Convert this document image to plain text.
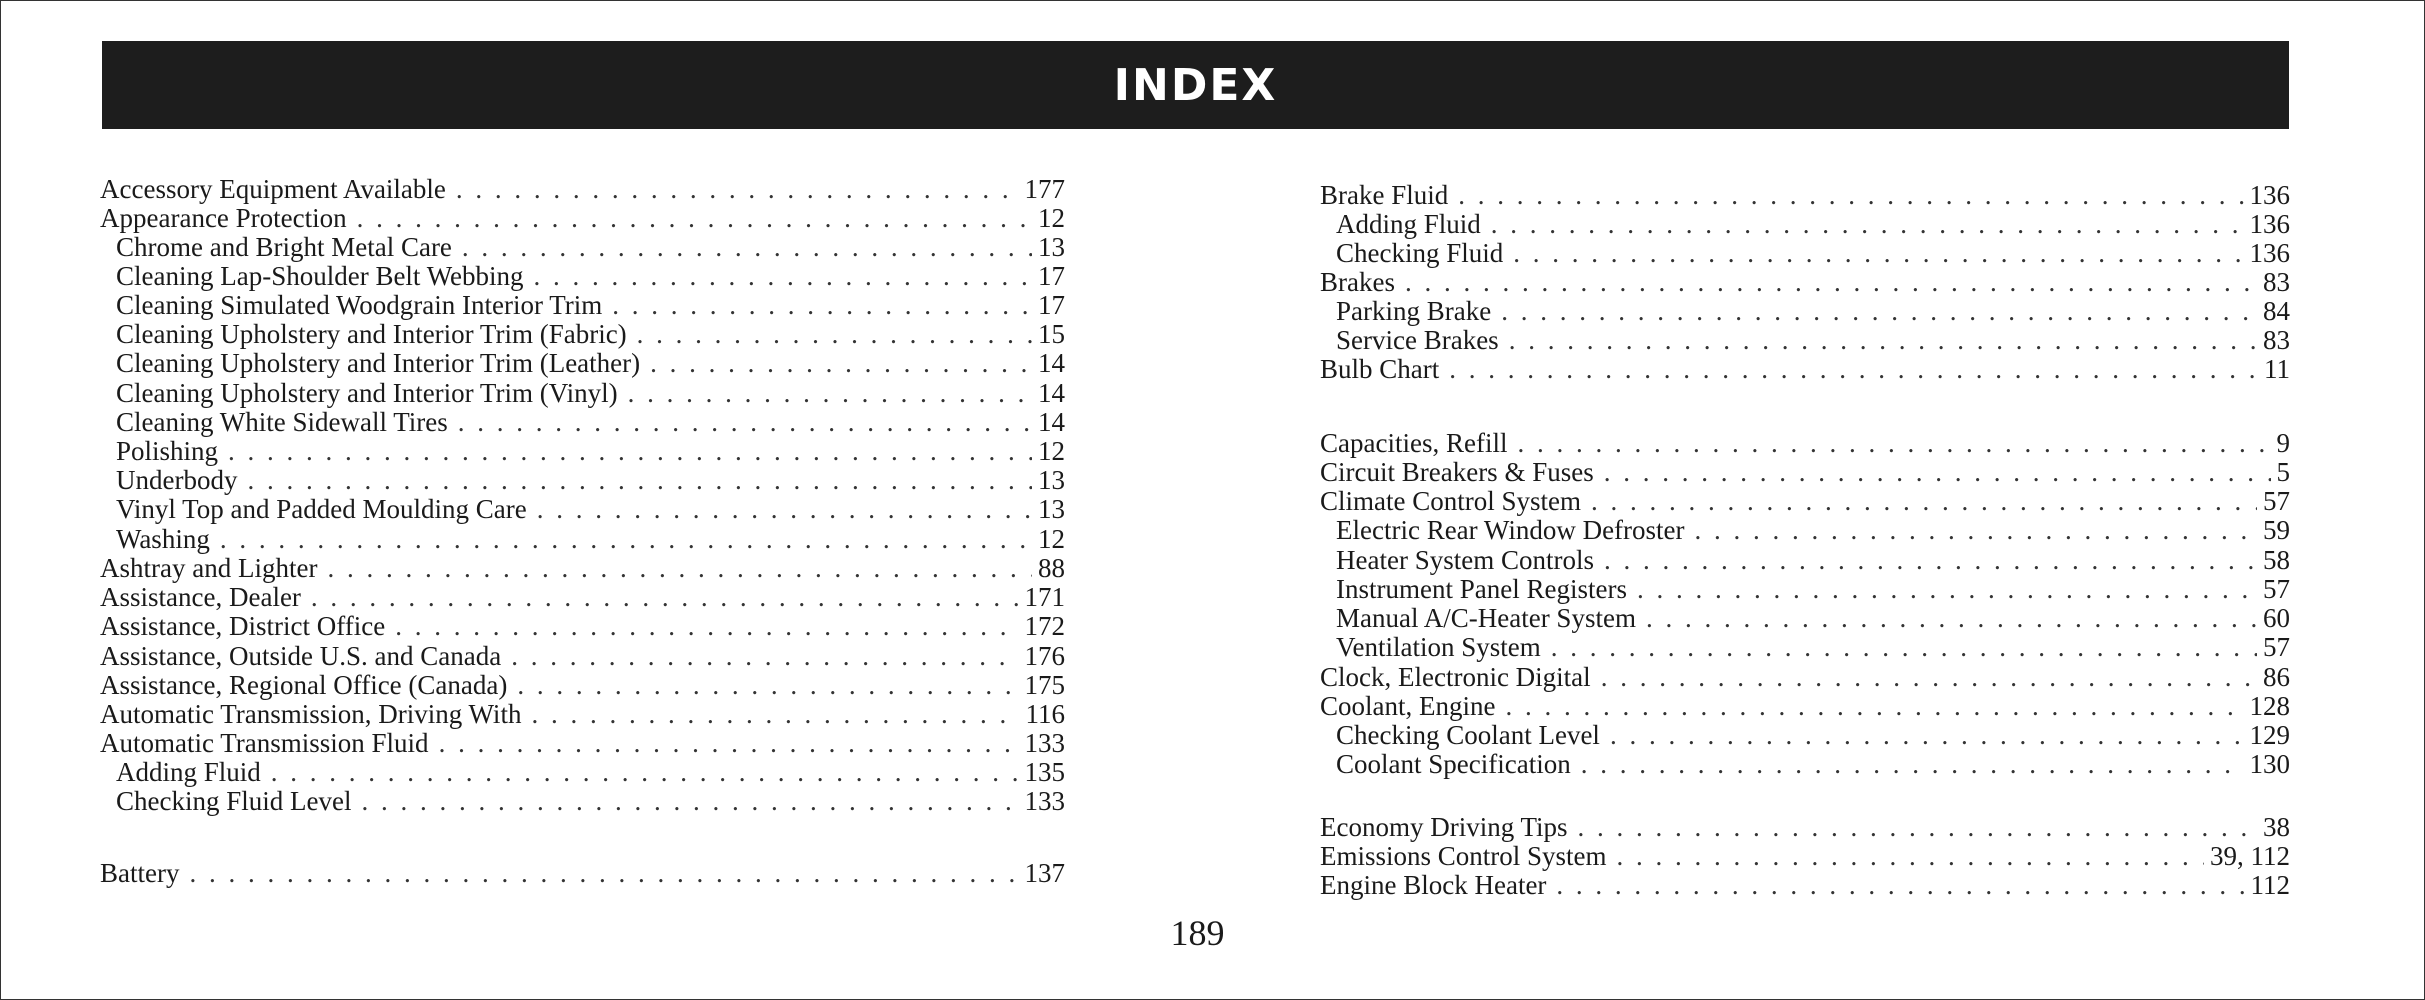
INDEX
Accessory Equipment Available . . .	177
Appearance Protection . . .	12
Chrome and Bright Metal Care . . .	13
Cleaning Lap-Shoulder Belt Webbing . . .	17
Cleaning Simulated Woodgrain Interior Trim . . .	17
Cleaning Upholstery and Interior Trim (Fabric) . . .	15
Cleaning Upholstery and Interior Trim (Leather) . . .	14
Cleaning Upholstery and Interior Trim (Vinyl) . . .	14
Cleaning White Sidewall Tires . . .	14
Polishing . . .	12
Underbody . . .	13
Vinyl Top and Padded Moulding Care . . .	13
Washing . . .	12
Ashtray and Lighter . . .	88
Assistance, Dealer . . .	171
Assistance, District Office . . .	172
Assistance, Outside U.S. and Canada . . .	176
Assistance, Regional Office (Canada) . . .	175
Automatic Transmission, Driving With . . .	116
Automatic Transmission Fluid . . .	133
Adding Fluid . . .	135
Checking Fluid Level . . .	133
Battery . . .	137
Brake Fluid . . .	136
Adding Fluid . . .	136
Checking Fluid . . .	136
Brakes . . .	83
Parking Brake . . .	84
Service Brakes . . .	83
Bulb Chart . . .	11
Capacities, Refill . . .	9
Circuit Breakers & Fuses . . .	5
Climate Control System . . .	57
Electric Rear Window Defroster . . .	59
Heater System Controls . . .	58
Instrument Panel Registers . . .	57
Manual A/C-Heater System . . .	60
Ventilation System . . .	57
Clock, Electronic Digital . . .	86
Coolant, Engine . . .	128
Checking Coolant Level . . .	129
Coolant Specification . . .	130
Economy Driving Tips . . .	38
Emissions Control System . . .	39, 112
Engine Block Heater . . .	112
189
